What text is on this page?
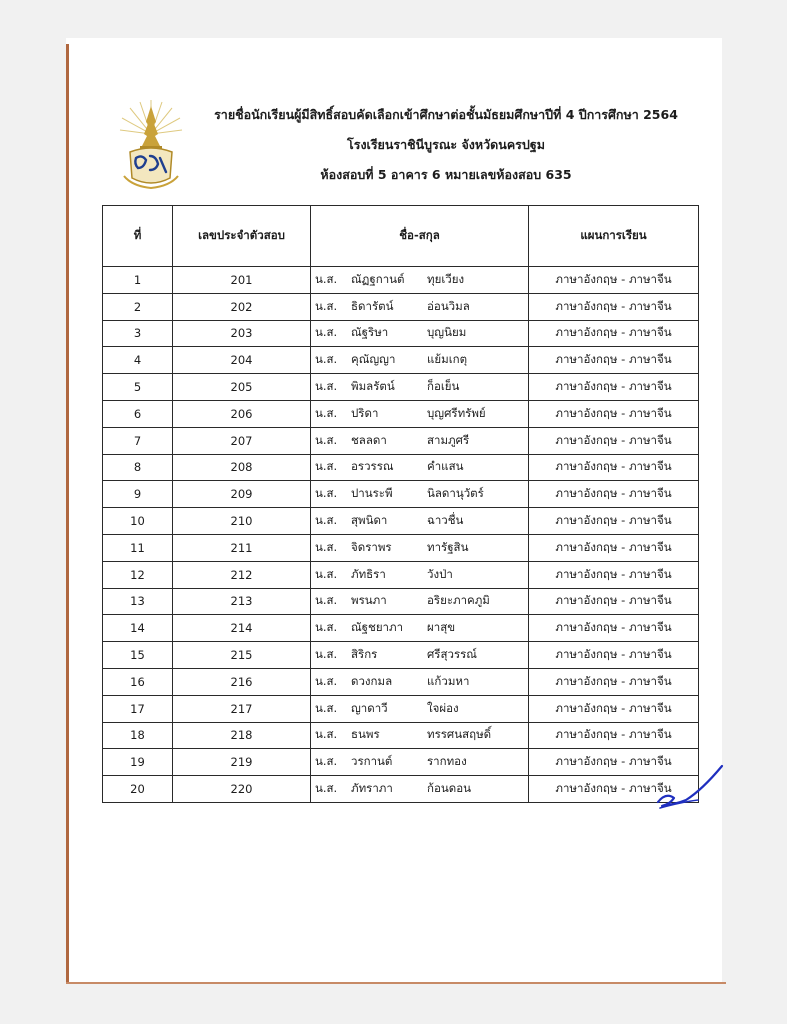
รายชื่อนักเรียนผู้มีสิทธิ์สอบคัดเลือกเข้าศึกษาต่อชั้นมัธยมศึกษาปีที่ 4 ปีการศึกษา 2564
โรงเรียนราชินีบูรณะ จังหวัดนครปฐม
ห้องสอบที่ 5 อาคาร 6 หมายเลขห้องสอบ 635
ที่	เลขประจำตัวสอบ	ชื่อ-สกุล	แผนการเรียน
1	201	น.ส. ณัฏฐกานต์ ทุยเวียง	ภาษาอังกฤษ - ภาษาจีน
2	202	น.ส. ธิดารัตน์ อ่อนวิมล	ภาษาอังกฤษ - ภาษาจีน
3	203	น.ส. ณัฐริษา บุญนิยม	ภาษาอังกฤษ - ภาษาจีน
4	204	น.ส. คุณัญญา แย้มเกตุ	ภาษาอังกฤษ - ภาษาจีน
5	205	น.ส. พิมลรัตน์ ก็อเย็น	ภาษาอังกฤษ - ภาษาจีน
6	206	น.ส. ปริดา บุญศรีทรัพย์	ภาษาอังกฤษ - ภาษาจีน
7	207	น.ส. ชลลดา สามภูศรี	ภาษาอังกฤษ - ภาษาจีน
8	208	น.ส. อรวรรณ คำแสน	ภาษาอังกฤษ - ภาษาจีน
9	209	น.ส. ปานระพี นิลดานุวัตร์	ภาษาอังกฤษ - ภาษาจีน
10	210	น.ส. สุพนิดา ฉาวชื่น	ภาษาอังกฤษ - ภาษาจีน
11	211	น.ส. จิดราพร ทารัฐสิน	ภาษาอังกฤษ - ภาษาจีน
12	212	น.ส. ภัทธิรา วังป่า	ภาษาอังกฤษ - ภาษาจีน
13	213	น.ส. พรนภา อริยะภาคภูมิ	ภาษาอังกฤษ - ภาษาจีน
14	214	น.ส. ณัฐชยาภา ผาสุข	ภาษาอังกฤษ - ภาษาจีน
15	215	น.ส. สิริกร ศรีสุวรรณ์	ภาษาอังกฤษ - ภาษาจีน
16	216	น.ส. ดวงกมล แก้วมหา	ภาษาอังกฤษ - ภาษาจีน
17	217	น.ส. ญาดาวี ใจผ่อง	ภาษาอังกฤษ - ภาษาจีน
18	218	น.ส. ธนพร ทรรศนสฤษดิ์	ภาษาอังกฤษ - ภาษาจีน
19	219	น.ส. วรกานต์ รากทอง	ภาษาอังกฤษ - ภาษาจีน
20	220	น.ส. ภัทราภา ก้อนดอน	ภาษาอังกฤษ - ภาษาจีน
